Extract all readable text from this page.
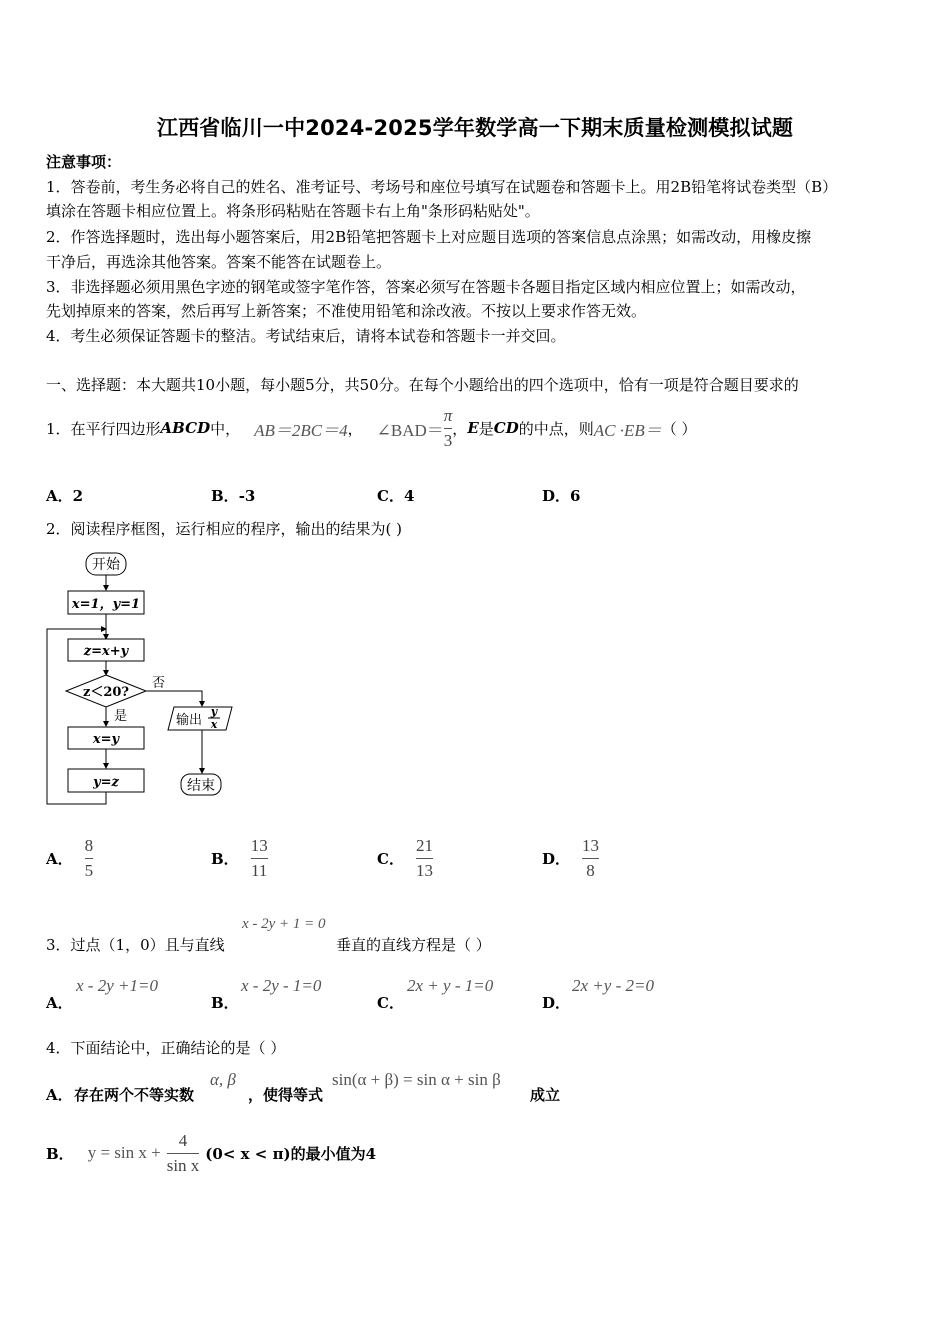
江西省临川一中2024-2025学年数学高一下期末质量检测模拟试题
注意事项：
1．答卷前，考生务必将自己的姓名、准考证号、考场号和座位号填写在试题卷和答题卡上。用2B铅笔将试卷类型（B）
填涂在答题卡相应位置上。将条形码粘贴在答题卡右上角"条形码粘贴处"。
2．作答选择题时，选出每小题答案后，用2B铅笔把答题卡上对应题目选项的答案信息点涂黑；如需改动，用橡皮擦
干净后，再选涂其他答案。答案不能答在试题卷上。
3．非选择题必须用黑色字迹的钢笔或签字笔作答，答案必须写在答题卡各题目指定区域内相应位置上；如需改动，
先划掉原来的答案，然后再写上新答案；不准使用铅笔和涂改液。不按以上要求作答无效。
4．考生必须保证答题卡的整洁。考试结束后，请将本试卷和答题卡一并交回。
一、选择题：本大题共10小题，每小题5分，共50分。在每个小题给出的四个选项中，恰有一项是符合题目要求的
1．在平行四边形 ABCD 中， AB＝2BC＝4 ， ∠BAD＝ $\frac{\pi}{3}$ ， E 是 CD 的中点，则 AC ·EB＝ （ ）
A．2	B．-3	C．4	D．6
2．阅读程序框图，运行相应的程序，输出的结果为( )
开始
x=1，y=1
z=x+y
z＜20?
否
输出
y
x
结束
是
x=y
y=z
A． $\frac{8}{5}$	B． $\frac{13}{11}$	C． $\frac{21}{13}$	D． $\frac{13}{8}$
3．过点（1，0）且与直线
x - 2y + 1 = 0
垂直的直线方程是（ ）
A．
x - 2y +1=0
B．
x - 2y - 1=0
C．
2x + y - 1=0
D．
2x +y - 2=0
4．下面结论中，正确结论的是（ ）
A． 存在两个不等实数
α, β
，使得等式
sin(α + β) = sin α + sin β
成立
B． $y = \sin x + \frac{4}{\text{sin x}} (0< x < \pi)$的最小值为4
